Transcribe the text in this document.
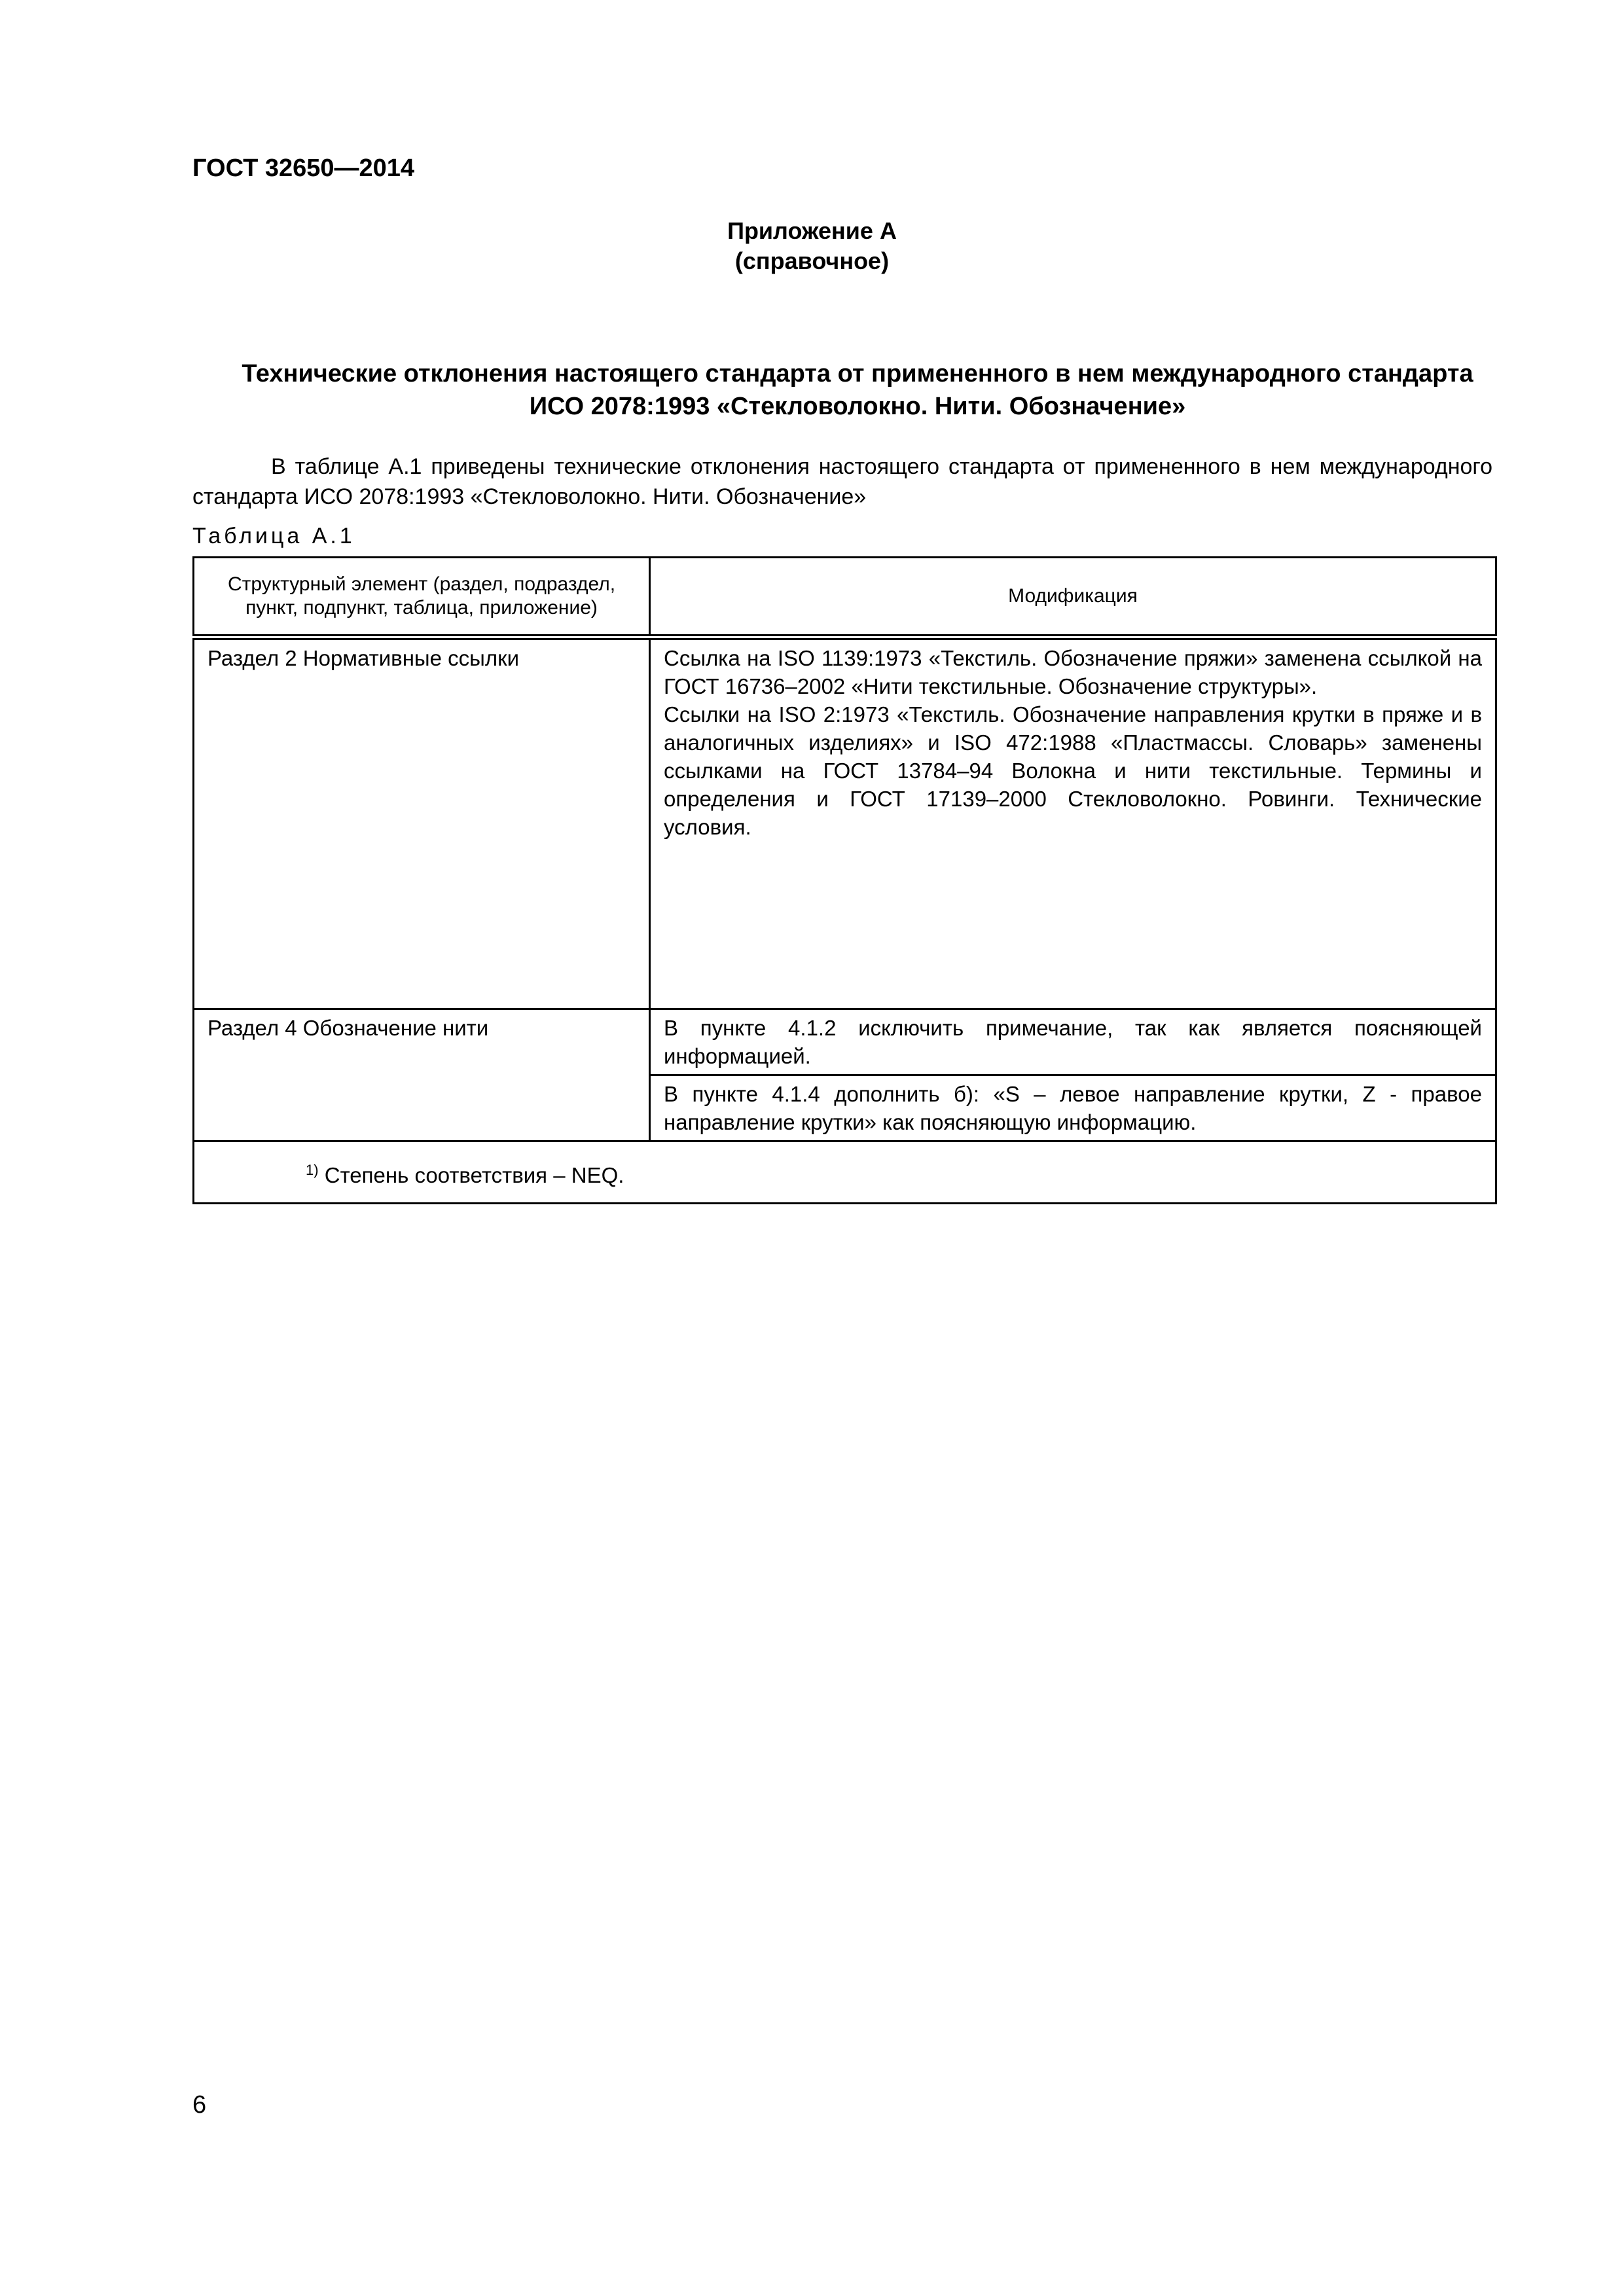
ГОСТ 32650—2014
Приложение А
(справочное)
Технические отклонения настоящего стандарта от примененного в нем международного стандарта ИСО 2078:1993 «Стекловолокно. Нити. Обозначение»

В таблице А.1 приведены технические отклонения настоящего стандарта от примененного в нем международного стандарта ИСО 2078:1993 «Стекловолокно. Нити. Обозначение»

Таблица А.1
Структурный элемент (раздел, подраздел, пункт, подпункт, таблица, приложение)	Модификация
Раздел 2 Нормативные ссылки	Ссылка на ISO 1139:1973 «Текстиль. Обозначение пряжи» заменена ссылкой на ГОСТ 16736–2002 «Нити текстильные. Обозначение структуры».

Ссылки на ISO 2:1973 «Текстиль. Обозначение направления крутки в пряже и в аналогичных изделиях» и ISO 472:1988 «Пластмассы. Словарь» заменены ссылками на ГОСТ 13784–94 Волокна и нити текстильные. Термины и определения и ГОСТ 17139–2000 Стекловолокно. Ровинги. Технические условия.

Раздел 4 Обозначение нити	В пункте 4.1.2 исключить примечание, так как является поясняющей информацией.
	В пункте 4.1.4 дополнить б): «S – левое направление крутки, Z - правое направление крутки» как поясняющую информацию.
$^{1)}$ Степень соответствия – NEQ.	
6
